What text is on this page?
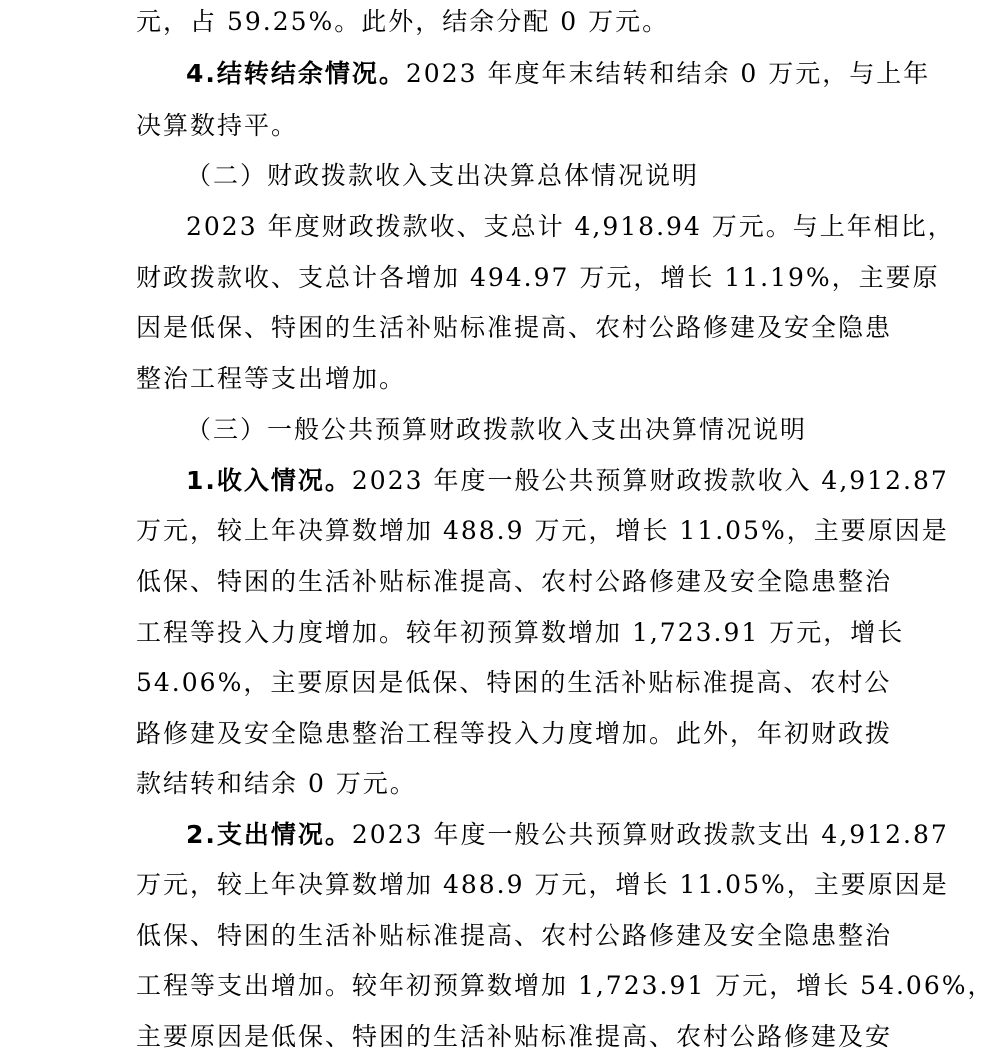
元，占 59.25%。此外，结余分配 0 万元。
4.结转结余情况。2023 年度年末结转和结余 0 万元，与上年
决算数持平。
（二）财政拨款收入支出决算总体情况说明
2023 年度财政拨款收、支总计 4,918.94 万元。与上年相比，
财政拨款收、支总计各增加 494.97 万元，增长 11.19%，主要原
因是低保、特困的生活补贴标准提高、农村公路修建及安全隐患
整治工程等支出增加。
（三）一般公共预算财政拨款收入支出决算情况说明
1.收入情况。2023 年度一般公共预算财政拨款收入 4,912.87
万元，较上年决算数增加 488.9 万元，增长 11.05%，主要原因是
低保、特困的生活补贴标准提高、农村公路修建及安全隐患整治
工程等投入力度增加。较年初预算数增加 1,723.91 万元，增长
54.06%，主要原因是低保、特困的生活补贴标准提高、农村公
路修建及安全隐患整治工程等投入力度增加。此外，年初财政拨
款结转和结余 0 万元。
2.支出情况。2023 年度一般公共预算财政拨款支出 4,912.87
万元，较上年决算数增加 488.9 万元，增长 11.05%，主要原因是
低保、特困的生活补贴标准提高、农村公路修建及安全隐患整治
工程等支出增加。较年初预算数增加 1,723.91 万元，增长 54.06%，
主要原因是低保、特困的生活补贴标准提高、农村公路修建及安
